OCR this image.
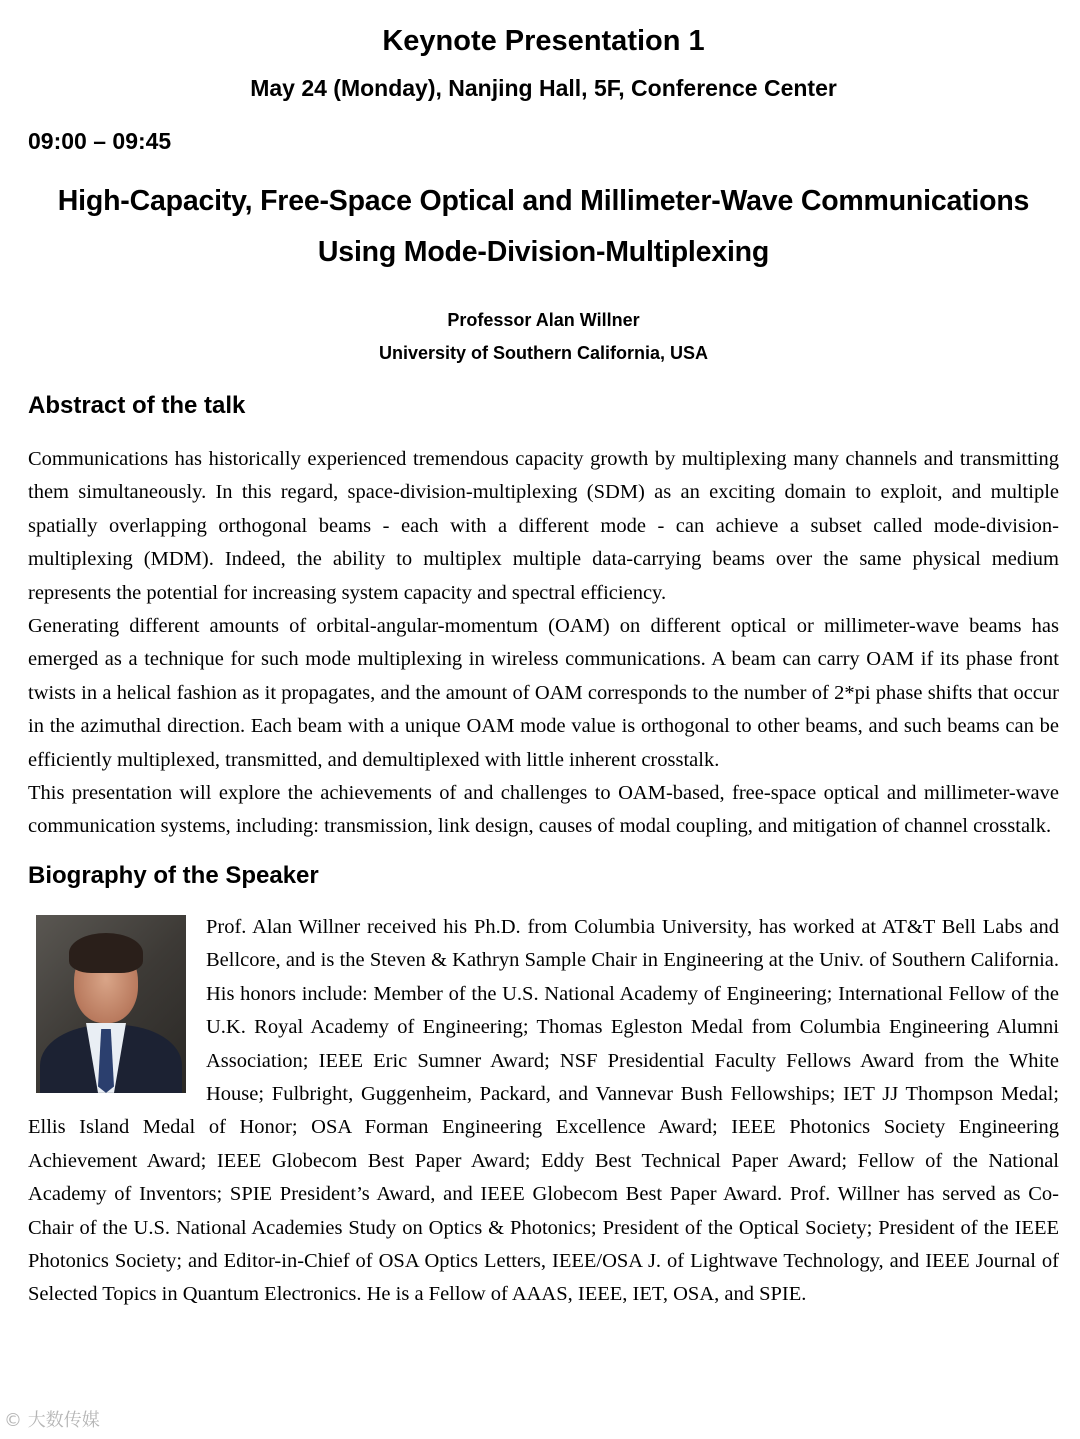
Keynote Presentation 1

May 24 (Monday), Nanjing Hall, 5F, Conference Center

09:00 – 09:45

High-Capacity, Free-Space Optical and Millimeter-Wave Communications
Using Mode-Division-Multiplexing

Professor Alan Willner

University of Southern California, USA

Abstract of the talk

Communications has historically experienced tremendous capacity growth by multiplexing many channels and transmitting them simultaneously. In this regard, space-division-multiplexing (SDM) as an exciting domain to exploit, and multiple spatially overlapping orthogonal beams - each with a different mode - can achieve a subset called mode-division-multiplexing (MDM). Indeed, the ability to multiplex multiple data-carrying beams over the same physical medium represents the potential for increasing system capacity and spectral efficiency.

Generating different amounts of orbital-angular-momentum (OAM) on different optical or millimeter-wave beams has emerged as a technique for such mode multiplexing in wireless communications. A beam can carry OAM if its phase front twists in a helical fashion as it propagates, and the amount of OAM corresponds to the number of 2*pi phase shifts that occur in the azimuthal direction. Each beam with a unique OAM mode value is orthogonal to other beams, and such beams can be efficiently multiplexed, transmitted, and demultiplexed with little inherent crosstalk.

This presentation will explore the achievements of and challenges to OAM-based, free-space optical and millimeter-wave communication systems, including: transmission, link design, causes of modal coupling, and mitigation of channel crosstalk.

Biography of the Speaker

Prof. Alan Willner received his Ph.D. from Columbia University, has worked at AT&T Bell Labs and Bellcore, and is the Steven & Kathryn Sample Chair in Engineering at the Univ. of Southern California. His honors include: Member of the U.S. National Academy of Engineering; International Fellow of the U.K. Royal Academy of Engineering; Thomas Egleston Medal from Columbia Engineering Alumni Association; IEEE Eric Sumner Award; NSF Presidential Faculty Fellows Award from the White House; Fulbright, Guggenheim, Packard, and Vannevar Bush Fellowships; IET JJ Thompson Medal; Ellis Island Medal of Honor; OSA Forman Engineering Excellence Award; IEEE Photonics Society Engineering Achievement Award; IEEE Globecom Best Paper Award; Eddy Best Technical Paper Award; Fellow of the National Academy of Inventors; SPIE President’s Award, and IEEE Globecom Best Paper Award. Prof. Willner has served as Co-Chair of the U.S. National Academies Study on Optics & Photonics; President of the Optical Society; President of the IEEE Photonics Society; and Editor-in-Chief of OSA Optics Letters, IEEE/OSA J. of Lightwave Technology, and IEEE Journal of Selected Topics in Quantum Electronics. He is a Fellow of AAAS, IEEE, IET, OSA, and SPIE.

© 大数传媒
